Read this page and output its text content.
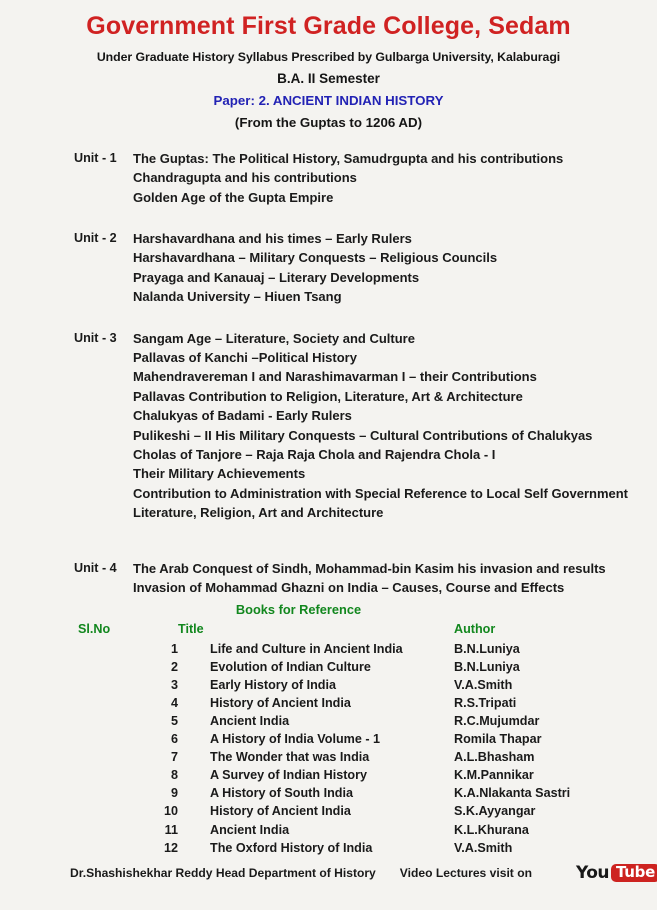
Government First Grade College, Sedam
Under Graduate History Syllabus Prescribed by Gulbarga University, Kalaburagi
B.A. II Semester
Paper: 2. ANCIENT INDIAN HISTORY
(From the Guptas to 1206 AD)
Unit - 1	The Guptas: The Political History, Samudrgupta and his contributions
Chandragupta and his contributions
Golden Age of the Gupta Empire
Unit - 2	Harshavardhana and his times – Early Rulers
Harshavardhana – Military Conquests – Religious Councils
Prayaga and Kanauaj – Literary Developments
Nalanda University – Hiuen Tsang
Unit - 3	Sangam Age – Literature, Society and Culture
Pallavas of Kanchi –Political History
Mahendravereman I and Narashimavarman I – their Contributions
Pallavas Contribution to Religion, Literature, Art & Architecture
Chalukyas of Badami - Early Rulers
Pulikeshi – II His Military Conquests – Cultural Contributions of Chalukyas
Cholas of Tanjore – Raja Raja Chola and Rajendra Chola - I
Their Military Achievements
Contribution to Administration with Special Reference to Local Self Government
Literature, Religion, Art and Architecture
Unit - 4	The Arab Conquest of Sindh, Mohammad-bin Kasim his invasion and results
Invasion of Mohammad Ghazni on India – Causes, Course and Effects
Books for Reference
Sl.No	Title	Author
1	Life and Culture in Ancient India	B.N.Luniya
2	Evolution of Indian Culture	B.N.Luniya
3	Early History of India	V.A.Smith
4	History of Ancient India	R.S.Tripati
5	Ancient India	R.C.Mujumdar
6	A History of India Volume - 1	Romila Thapar
7	The Wonder that was India	A.L.Bhasham
8	A Survey of Indian History	K.M.Pannikar
9	A History of South India	K.A.Nlakanta Sastri
10	History of Ancient India	S.K.Ayyangar
11	Ancient India	K.L.Khurana
12	The Oxford History of India	V.A.Smith
Dr.Shashishekhar Reddy Head Department of History Video Lectures visit on	You Tube
